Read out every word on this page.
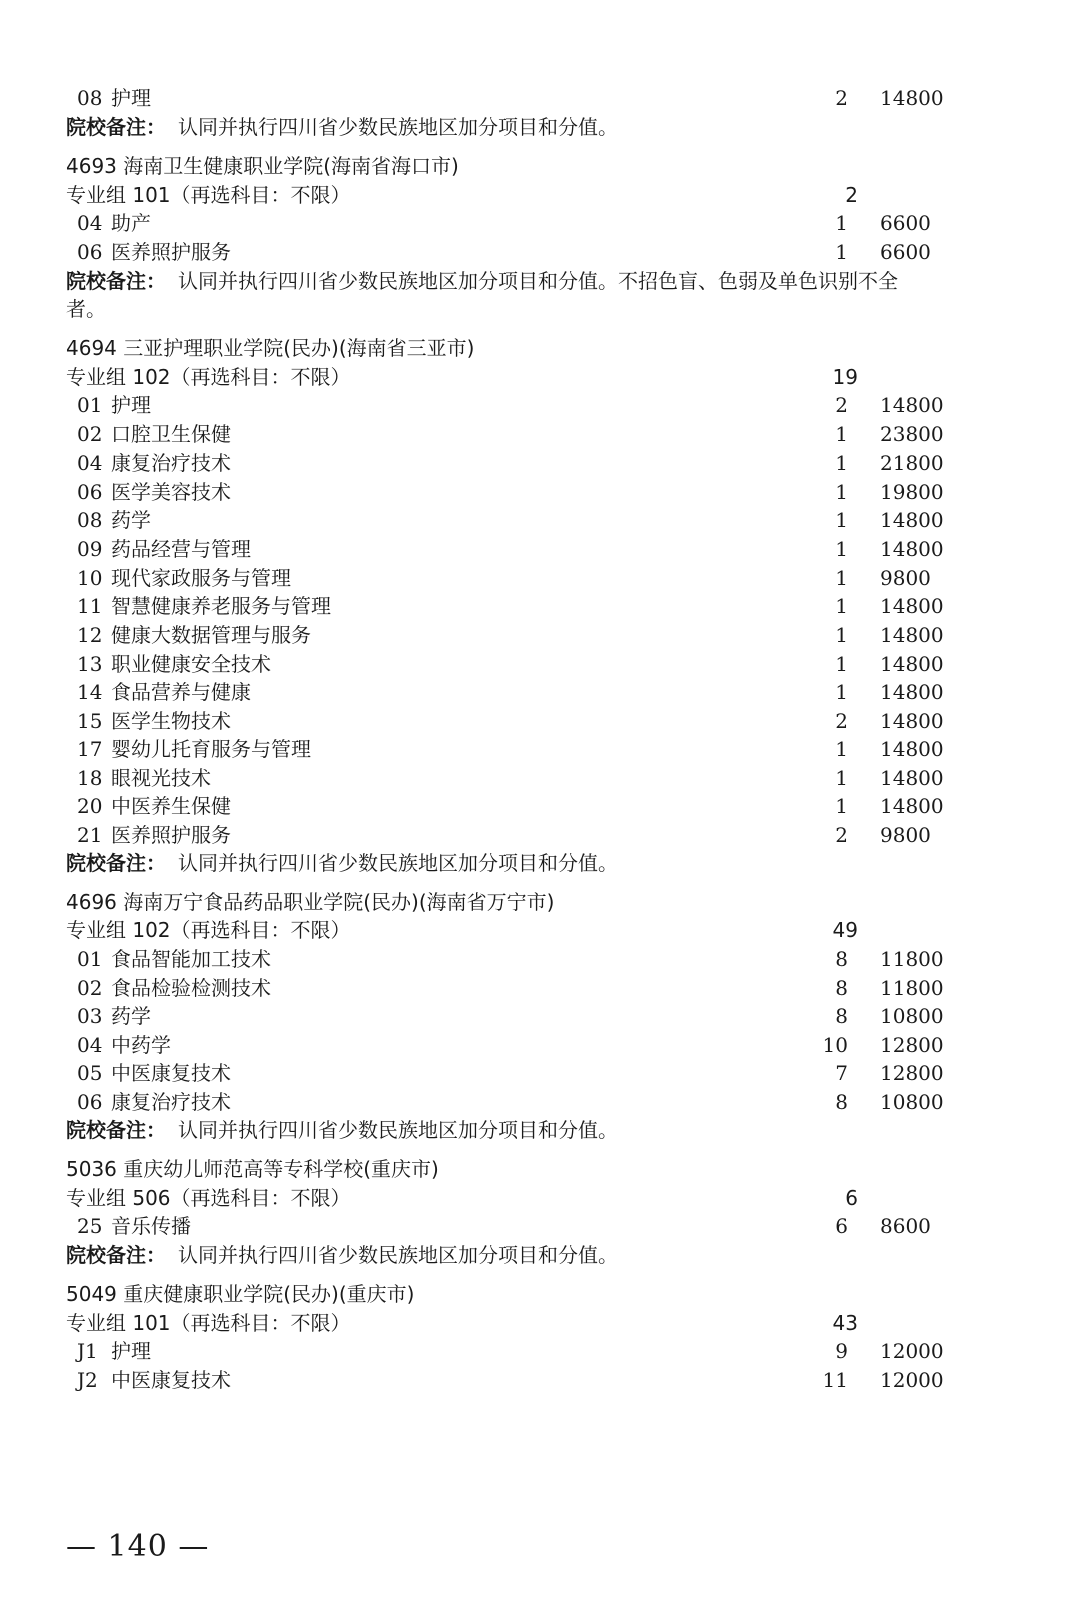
08 护理	2 14800
院校备注： 认同并执行四川省少数民族地区加分项目和分值。
4693 海南卫生健康职业学院(海南省海口市)
专业组 101（再选科目：不限）	2
04 助产	1 6600
06 医养照护服务	1 6600
院校备注： 认同并执行四川省少数民族地区加分项目和分值。不招色盲、色弱及单色识别不全
者。
4694 三亚护理职业学院(民办)(海南省三亚市)
专业组 102（再选科目：不限）	19
01 护理	2 14800
02 口腔卫生保健	1 23800
04 康复治疗技术	1 21800
06 医学美容技术	1 19800
08 药学	1 14800
09 药品经营与管理	1 14800
10 现代家政服务与管理	1 9800
11 智慧健康养老服务与管理	1 14800
12 健康大数据管理与服务	1 14800
13 职业健康安全技术	1 14800
14 食品营养与健康	1 14800
15 医学生物技术	2 14800
17 婴幼儿托育服务与管理	1 14800
18 眼视光技术	1 14800
20 中医养生保健	1 14800
21 医养照护服务	2 9800
院校备注： 认同并执行四川省少数民族地区加分项目和分值。
4696 海南万宁食品药品职业学院(民办)(海南省万宁市)
专业组 102（再选科目：不限）	49
01 食品智能加工技术	8 11800
02 食品检验检测技术	8 11800
03 药学	8 10800
04 中药学	10 12800
05 中医康复技术	7 12800
06 康复治疗技术	8 10800
院校备注： 认同并执行四川省少数民族地区加分项目和分值。
5036 重庆幼儿师范高等专科学校(重庆市)
专业组 506（再选科目：不限）	6
25 音乐传播	6 8600
院校备注： 认同并执行四川省少数民族地区加分项目和分值。
5049 重庆健康职业学院(民办)(重庆市)
专业组 101（再选科目：不限）	43
J1 护理	9 12000
J2 中医康复技术	11 12000
— 140 —
